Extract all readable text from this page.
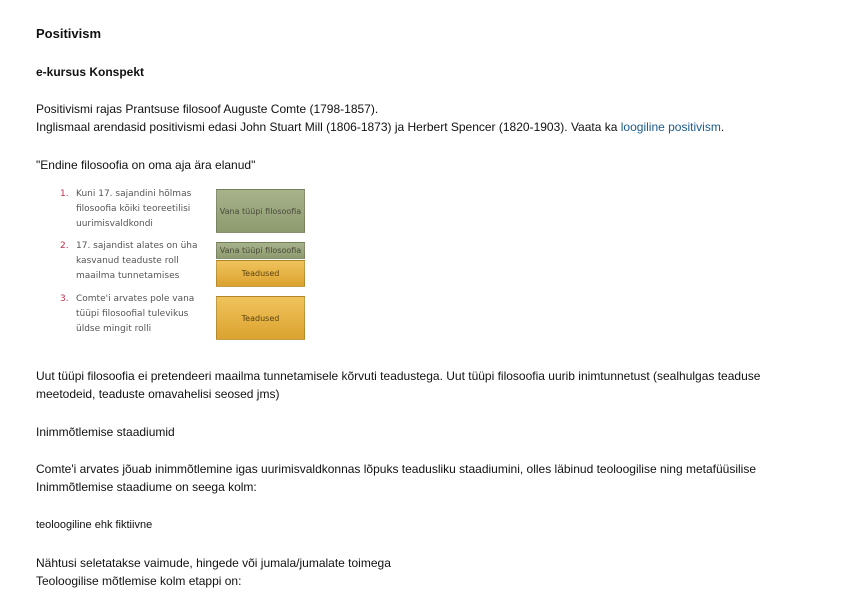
Positivism
e-kursus Konspekt

Positivismi rajas Prantsuse filosoof Auguste Comte (1798-1857).
Inglismaal arendasid positivismi edasi John Stuart Mill (1806-1873) ja Herbert Spencer (1820-1903). Vaata ka loogiline positivism.

"Endine filosoofia on oma aja ära elanud"

1. Kuni 17. sajandini hõlmas filosoofia kõiki teoreetilisi uurimisvaldkondi
Vana tüüpi filosoofia
2. 17. sajandist alates on üha kasvanud teaduste roll maailma tunnetamises
Vana tüüpi filosoofia
Teadused
3. Comte'i arvates pole vana tüüpi filosoofial tulevikus üldse mingit rolli
Teadused

Uut tüüpi filosoofia ei pretendeeri maailma tunnetamisele kõrvuti teadustega. Uut tüüpi filosoofia uurib inimtunnetust (sealhulgas teaduse meetodeid, teaduste omavahelisi seosed jms)

Inimmõtlemise staadiumid

Comte'i arvates jõuab inimmõtlemine igas uurimisvaldkonnas lõpuks teadusliku staadiumini, olles läbinud teoloogilise ning metafüüsilise Inimmõtlemise staadiume on seega kolm:

teoloogiline ehk fiktiivne

Nähtusi seletatakse vaimude, hingede või jumala/jumalate toimega
Teoloogilise mõtlemise kolm etappi on:
